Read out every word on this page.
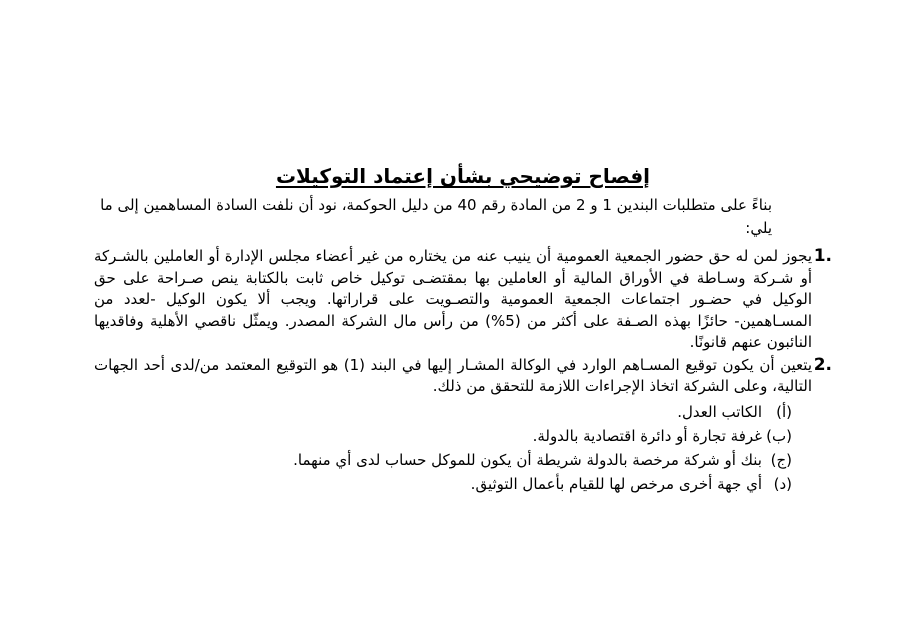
إفصاح توضيحي بشأن إعتماد التوكيلات
بناءً على متطلبات البندين 1 و 2 من المادة رقم 40 من دليل الحوكمة، نود أن نلفت السادة المساهمين إلى ما يلي:
.1
يجوز لمن له حق حضور الجمعية العمومية أن ينيب عنه من يختاره من غير أعضاء مجلس الإدارة أو العاملين بالشـركة أو شـركة وسـاطة في الأوراق المالية أو العاملين بها بمقتضـى توكيل خاص ثابت بالكتابة ينص صـراحة على حق الوكيل في حضـور اجتماعات الجمعية العمومية والتصـويت على قراراتها. ويجب ألا يكون الوكيل -لعدد من المسـاهمين- حائزًا بهذه الصـفة على أكثر من (5%) من رأس مال الشركة المصدر. ويمثّل ناقصي الأهلية وفاقديها النائبون عنهم قانونًا.
.2
يتعين أن يكون توقيع المسـاهم الوارد في الوكالة المشـار إليها في البند (1) هو التوقيع المعتمد من/لدى أحد الجهات التالية، وعلى الشركة اتخاذ الإجراءات اللازمة للتحقق من ذلك.
(أ)
الكاتب العدل.
(ب)
غرفة تجارة أو دائرة اقتصادية بالدولة.
(ج)
بنك أو شركة مرخصة بالدولة شريطة أن يكون للموكل حساب لدى أي منهما.
(د)
أي جهة أخرى مرخص لها للقيام بأعمال التوثيق.
